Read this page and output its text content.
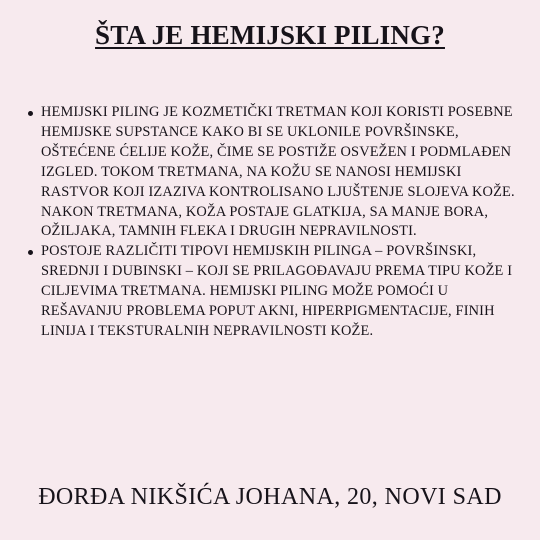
ŠTA JE HEMIJSKI PILING?
HEMIJSKI PILING JE KOZMETIČKI TRETMAN KOJI KORISTI POSEBNE HEMIJSKE SUPSTANCE KAKO BI SE UKLONILE POVRŠINSKE, OŠTEĆENE ĆELIJE KOŽE, ČIME SE POSTIŽE OSVEŽEN I PODMLAĐEN IZGLED. TOKOM TRETMANA, NA KOŽU SE NANOSI HEMIJSKI RASTVOR KOJI IZAZIVA KONTROLISANO LJUŠTENJE SLOJEVA KOŽE. NAKON TRETMANA, KOŽA POSTAJE GLATKIJA, SA MANJE BORA, OŽILJAKA, TAMNIH FLEKA I DRUGIH NEPRAVILNOSTI.
POSTOJE RAZLIČITI TIPOVI HEMIJSKIH PILINGA – POVRŠINSKI, SREDNJI I DUBINSKI – KOJI SE PRILAGOĐAVAJU PREMA TIPU KOŽE I CILJEVIMA TRETMANA. HEMIJSKI PILING MOŽE POMOĆI U REŠAVANJU PROBLEMA POPUT AKNI, HIPERPIGMENTACIJE, FINIH LINIJA I TEKSTURALNIH NEPRAVILNOSTI KOŽE.

ĐORĐA NIKŠIĆA JOHANA, 20, NOVI SAD
